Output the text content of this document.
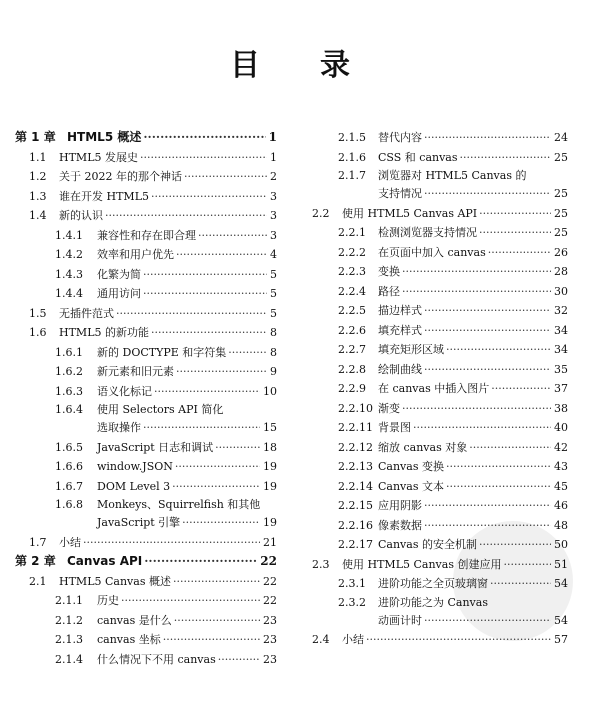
目 录
第 1 章 HTML5 概述	1
·····
1.1 HTML5 发展史	1
·····
1.2 关于 2022 年的那个神话	2
·····
1.3 谁在开发 HTML5	3
·····
1.4 新的认识	3
·····
1.4.1 兼容性和存在即合理	3
·····
1.4.2 效率和用户优先	4
·····
1.4.3 化繁为简	5
·····
1.4.4 通用访问	5
·····
1.5 无插件范式	5
·····
1.6 HTML5 的新功能	8
·····
1.6.1 新的 DOCTYPE 和字符集	8
·····
1.6.2 新元素和旧元素	9
·····
1.6.3 语义化标记	10
·····
1.6.4 使用 Selectors API 简化
选取操作	15
·····
1.6.5 JavaScript 日志和调试	18
·····
1.6.6 window.JSON	19
·····
1.6.7 DOM Level 3	19
·····
1.6.8 Monkeys、Squirrelfish 和其他
JavaScript 引擎	19
·····
1.7 小结	21
·····
第 2 章 Canvas API	22
·····
2.1 HTML5 Canvas 概述	22
·····
2.1.1 历史	22
·····
2.1.2 canvas 是什么	23
·····
2.1.3 canvas 坐标	23
·····
2.1.4 什么情况下不用 canvas	23
·····
2.1.5 替代内容	24
·····
2.1.6 CSS 和 canvas	25
·····
2.1.7 浏览器对 HTML5 Canvas 的
支持情况	25
·····
2.2 使用 HTML5 Canvas API	25
·····
2.2.1 检测浏览器支持情况	25
·····
2.2.2 在页面中加入 canvas	26
·····
2.2.3 变换	28
·····
2.2.4 路径	30
·····
2.2.5 描边样式	32
·····
2.2.6 填充样式	34
·····
2.2.7 填充矩形区域	34
·····
2.2.8 绘制曲线	35
·····
2.2.9 在 canvas 中插入图片	37
·····
2.2.10 渐变	38
·····
2.2.11 背景图	40
·····
2.2.12 缩放 canvas 对象	42
·····
2.2.13 Canvas 变换	43
·····
2.2.14 Canvas 文本	45
·····
2.2.15 应用阴影	46
·····
2.2.16 像素数据	48
·····
2.2.17 Canvas 的安全机制	50
·····
2.3 使用 HTML5 Canvas 创建应用	51
·····
2.3.1 进阶功能之全页玻璃窗	54
·····
2.3.2 进阶功能之为 Canvas
动画计时	54
·····
2.4 小结	57
·····
